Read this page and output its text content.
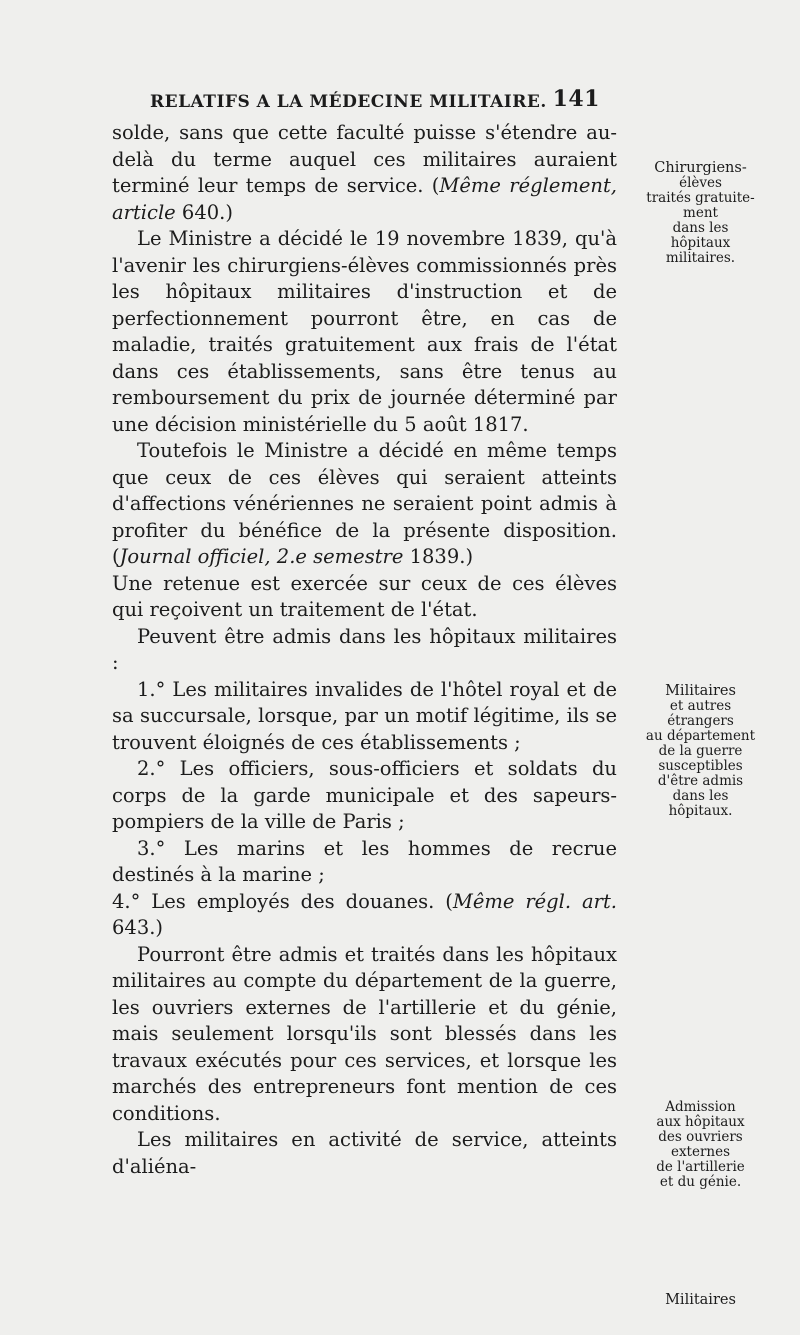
RELATIFS A LA MÉDECINE MILITAIRE. 141

solde, sans que cette faculté puisse s'étendre au-delà du terme auquel ces militaires auraient terminé leur temps de service. (Même réglement, article 640.)

Le Ministre a décidé le 19 novembre 1839, qu'à l'avenir les chirurgiens-élèves commissionnés près les hôpitaux militaires d'instruction et de perfectionnement pourront être, en cas de maladie, traités gratuitement aux frais de l'état dans ces établissements, sans être tenus au remboursement du prix de journée déterminé par une décision ministérielle du 5 août 1817.

Toutefois le Ministre a décidé en même temps que ceux de ces élèves qui seraient atteints d'affections vénériennes ne seraient point admis à profiter du bénéfice de la présente disposition. (Journal officiel, 2.e semestre 1839.)

Une retenue est exercée sur ceux de ces élèves qui reçoivent un traitement de l'état.

Peuvent être admis dans les hôpitaux militaires :

1.° Les militaires invalides de l'hôtel royal et de sa succursale, lorsque, par un motif légitime, ils se trouvent éloignés de ces établissements ;

2.° Les officiers, sous-officiers et soldats du corps de la garde municipale et des sapeurs-pompiers de la ville de Paris ;

3.° Les marins et les hommes de recrue destinés à la marine ;

4.° Les employés des douanes. (Même régl. art. 643.)

Pourront être admis et traités dans les hôpitaux militaires au compte du département de la guerre, les ouvriers externes de l'artillerie et du génie, mais seulement lorsqu'ils sont blessés dans les travaux exécutés pour ces services, et lorsque les marchés des entrepreneurs font mention de ces conditions.

Les militaires en activité de service, atteints d'aliéna-

Chirurgiens-
élèves
traités gratuite-
ment
dans les
hôpitaux
militaires.
Militaires
et autres
étrangers
au département
de la guerre
susceptibles
d'être admis
dans les
hôpitaux.
Admission
aux hôpitaux
des ouvriers
externes
de l'artillerie
et du génie.
Militaires
